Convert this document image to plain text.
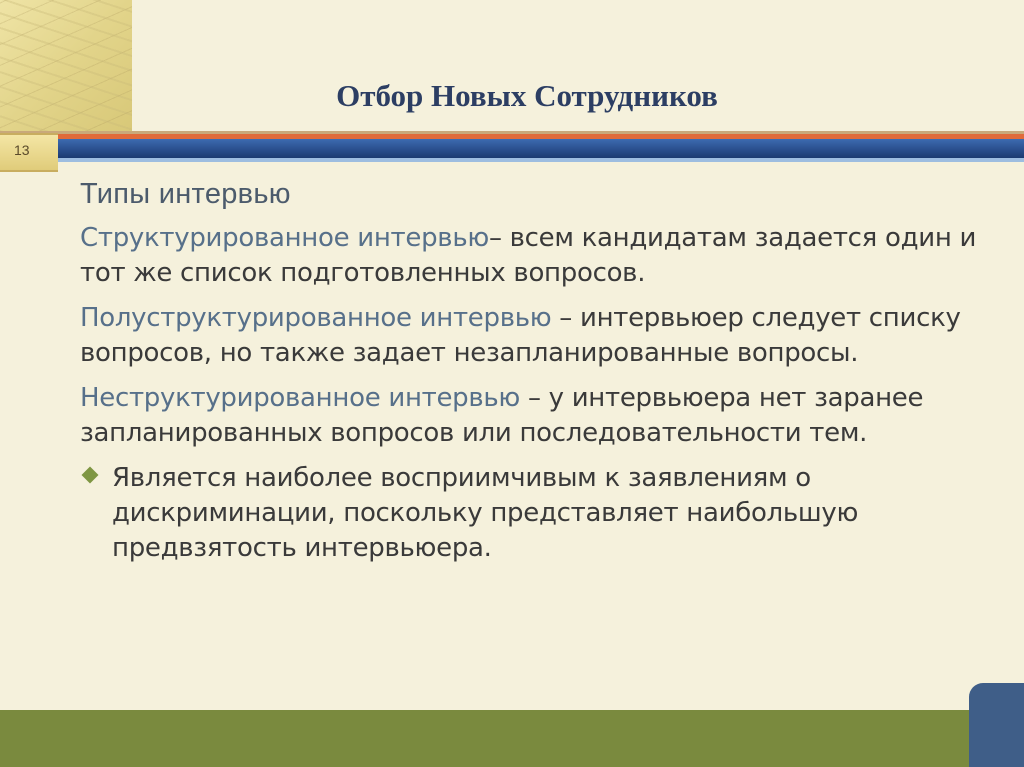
Отбор Новых Сотрудников
13
Типы интервью
Структурированное интервью– всем кандидатам задается один и тот же список подготовленных вопросов.
Полуструктурированное интервью – интервьюер следует списку вопросов, но также задает незапланированные вопросы.
Неструктурированное интервью – у интервьюера нет заранее запланированных вопросов или последовательности тем.
Является наиболее восприимчивым к заявлениям о дискриминации, поскольку представляет наибольшую предвзятость интервьюера.
